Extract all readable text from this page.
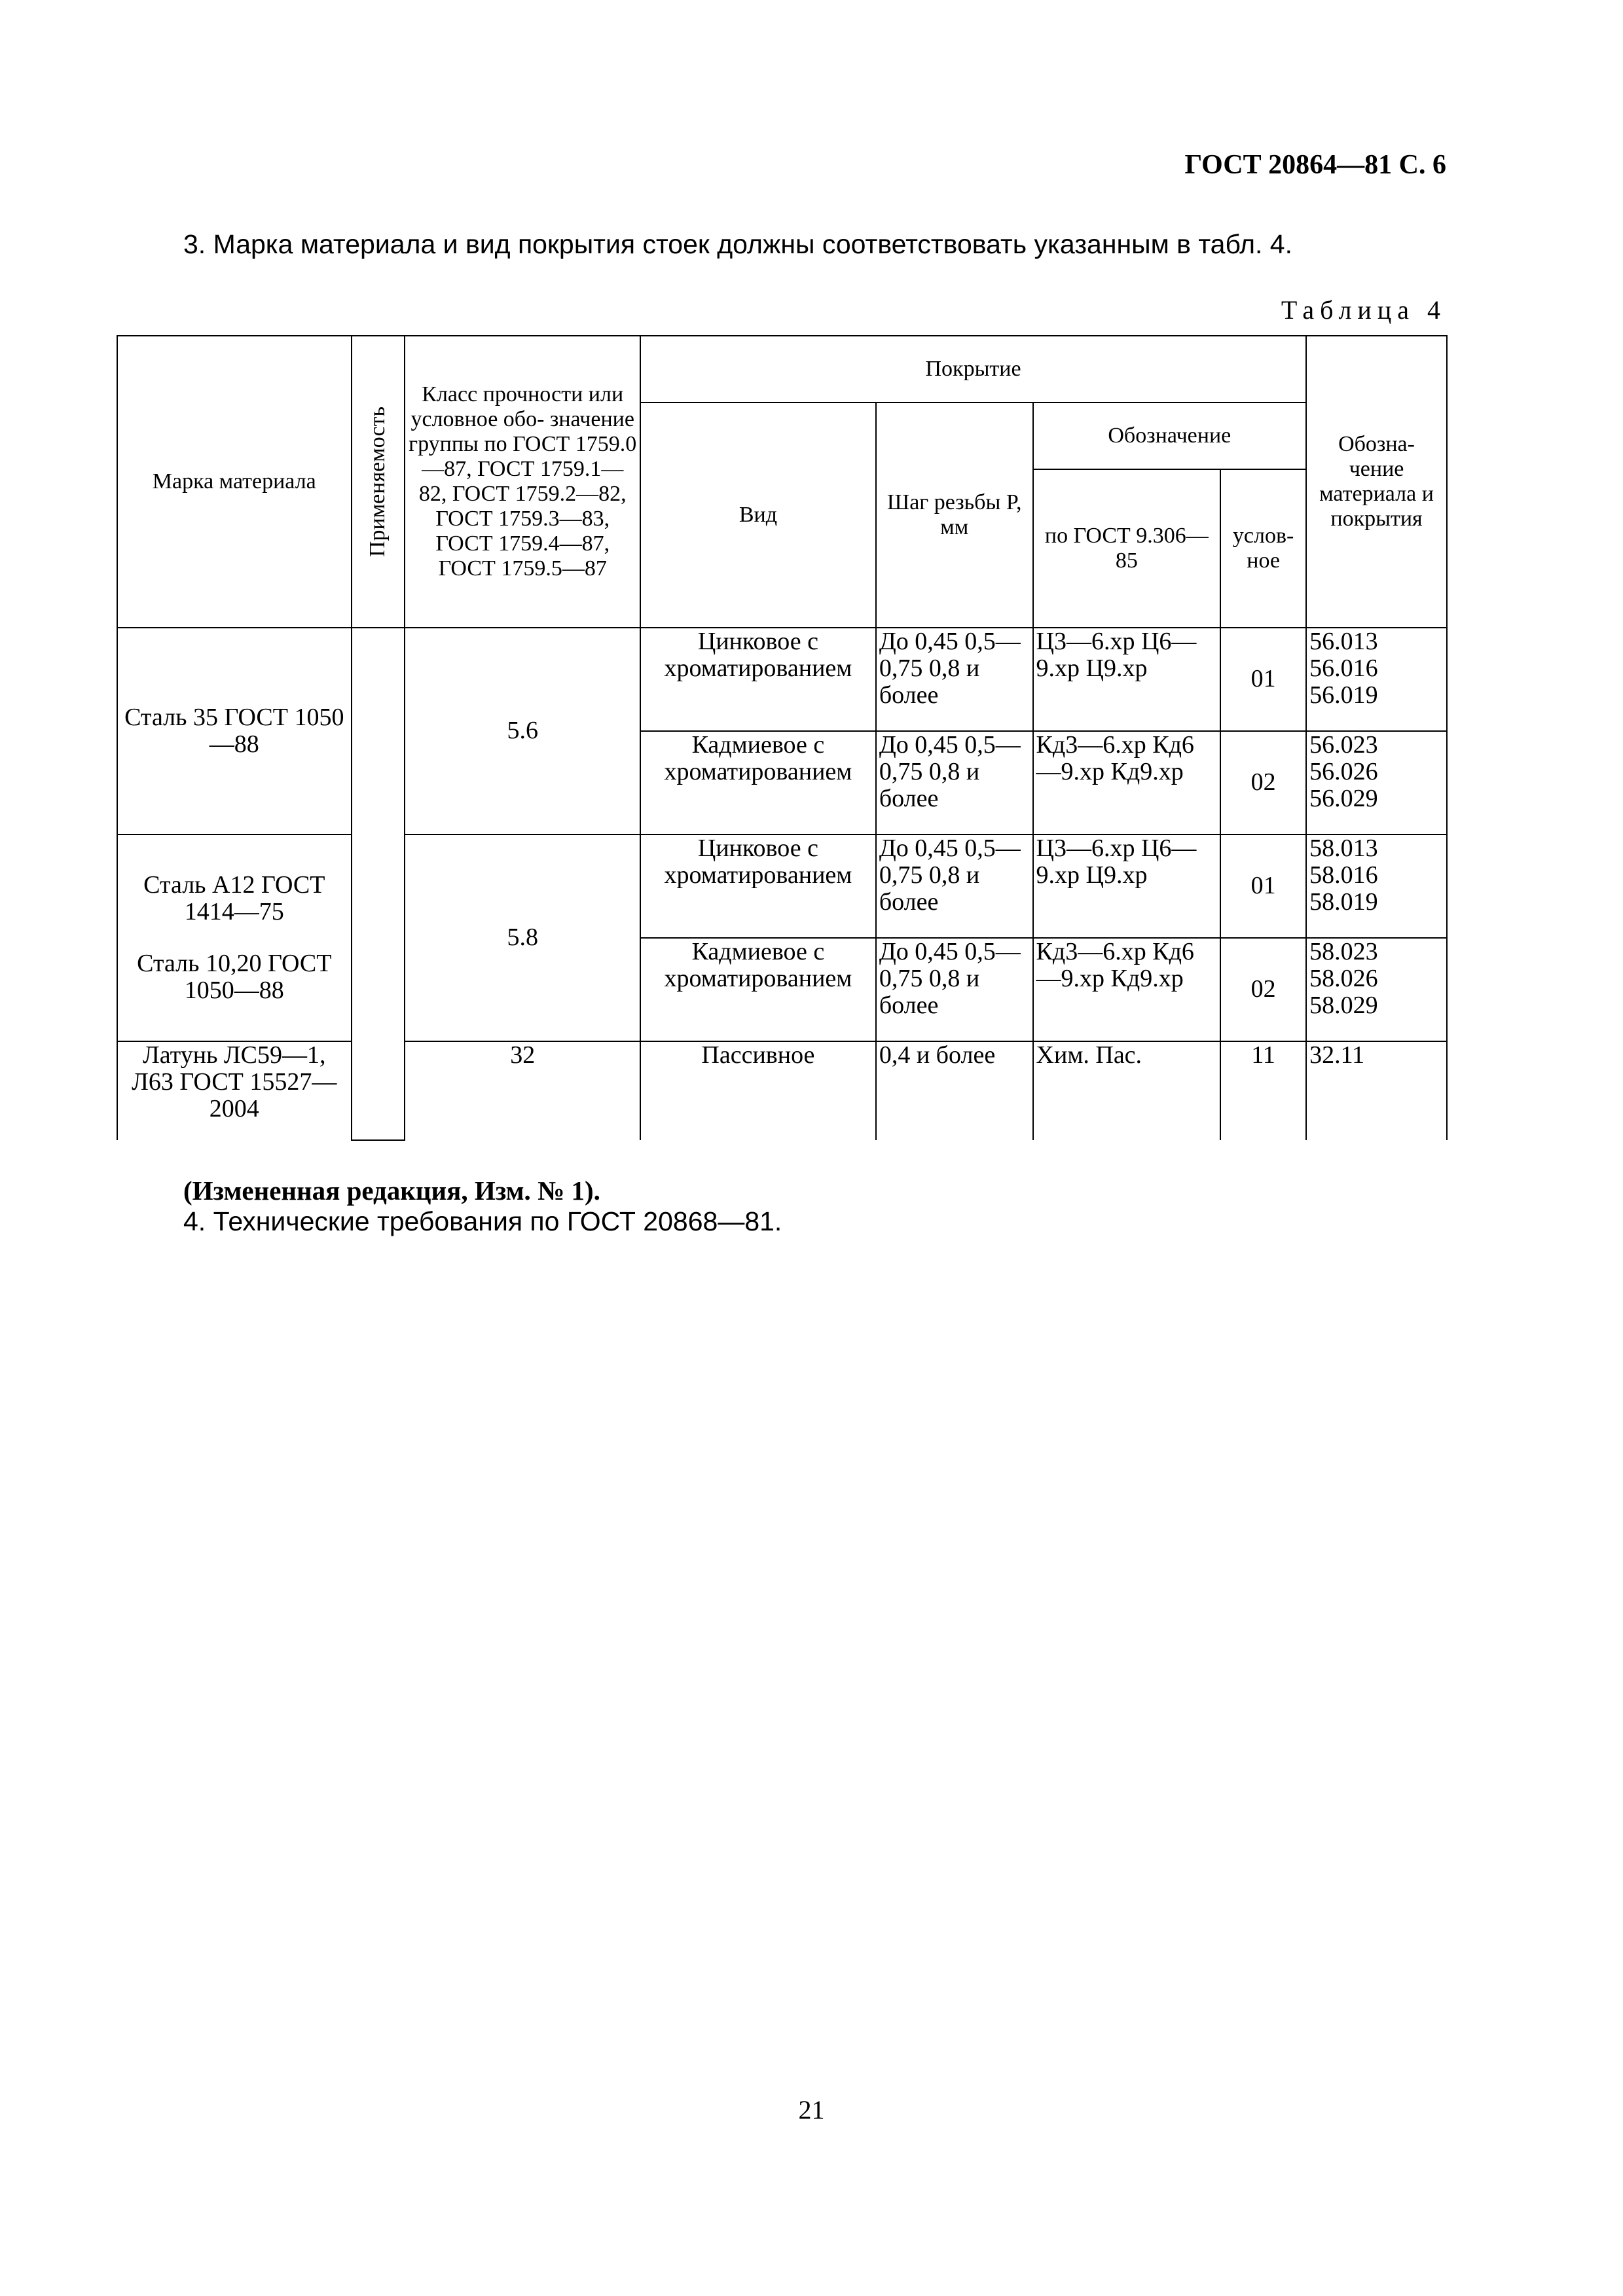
ГОСТ 20864—81 С. 6
3. Марка материала и вид покрытия стоек должны соответствовать указанным в табл. 4.
Таблица 4
Марка материала	Применяемость	Класс прочности или условное обо- значение группы по ГОСТ 1759.0—87, ГОСТ 1759.1—82, ГОСТ 1759.2—82, ГОСТ 1759.3—83, ГОСТ 1759.4—87, ГОСТ 1759.5—87	Покрытие				Обозна- чение материала и покрытия
			Вид	Шаг резьбы P, мм	Обозначение		
					по ГОСТ 9.306—85	услов- ное	
Сталь 35 ГОСТ 1050—88		5.6	Цинковое с хроматированием	До 0,45 0,5—0,75 0,8 и более	Ц3—6.хр Ц6—9.хр Ц9.хр	01	56.013 56.016 56.019
			Кадмиевое с хроматированием	До 0,45 0,5—0,75 0,8 и более	Кд3—6.хр Кд6—9.хр Кд9.хр	02	56.023 56.026 56.029

Сталь А12 ГОСТ 1414—75
Сталь 10,20 ГОСТ 1050—88		5.8	Цинковое с хроматированием	До 0,45 0,5—0,75 0,8 и более	Ц3—6.хр Ц6—9.хр Ц9.хр	01	58.013 58.016 58.019
			Кадмиевое с хроматированием	До 0,45 0,5—0,75 0,8 и более	Кд3—6.хр Кд6—9.хр Кд9.хр	02	58.023 58.026 58.029
Латунь ЛС59—1, Л63 ГОСТ 15527—2004		32	Пассивное	0,4 и более	Хим. Пас.	11	32.11
(Измененная редакция, Изм. № 1).
4. Технические требования по ГОСТ 20868—81.
21
